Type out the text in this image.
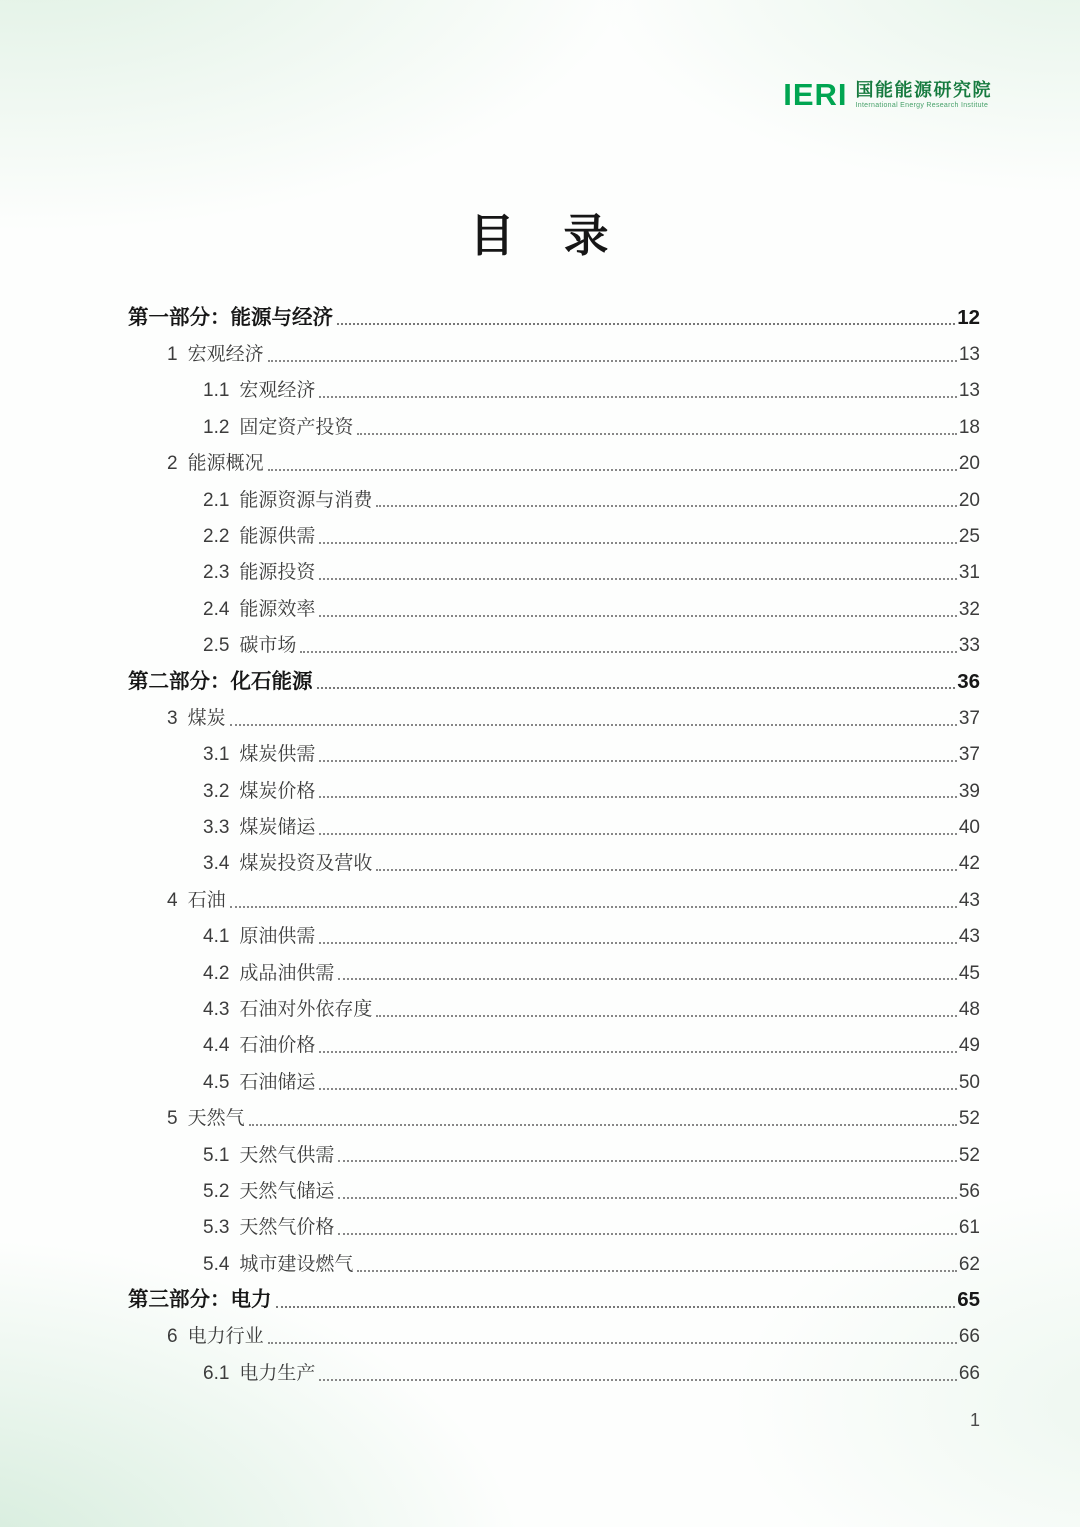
IERI 国能能源研究院
International Energy Research Institute
目　录
第一部分：能源与经济	12
1 宏观经济	13
1.1 宏观经济	13
1.2 固定资产投资	18
2 能源概况	20
2.1 能源资源与消费	20
2.2 能源供需	25
2.3 能源投资	31
2.4 能源效率	32
2.5 碳市场	33
第二部分：化石能源	36
3 煤炭	37
3.1 煤炭供需	37
3.2 煤炭价格	39
3.3 煤炭储运	40
3.4 煤炭投资及营收	42
4 石油	43
4.1 原油供需	43
4.2 成品油供需	45
4.3 石油对外依存度	48
4.4 石油价格	49
4.5 石油储运	50
5 天然气	52
5.1 天然气供需	52
5.2 天然气储运	56
5.3 天然气价格	61
5.4 城市建设燃气	62
第三部分：电力	65
6 电力行业	66
6.1 电力生产	66
1
